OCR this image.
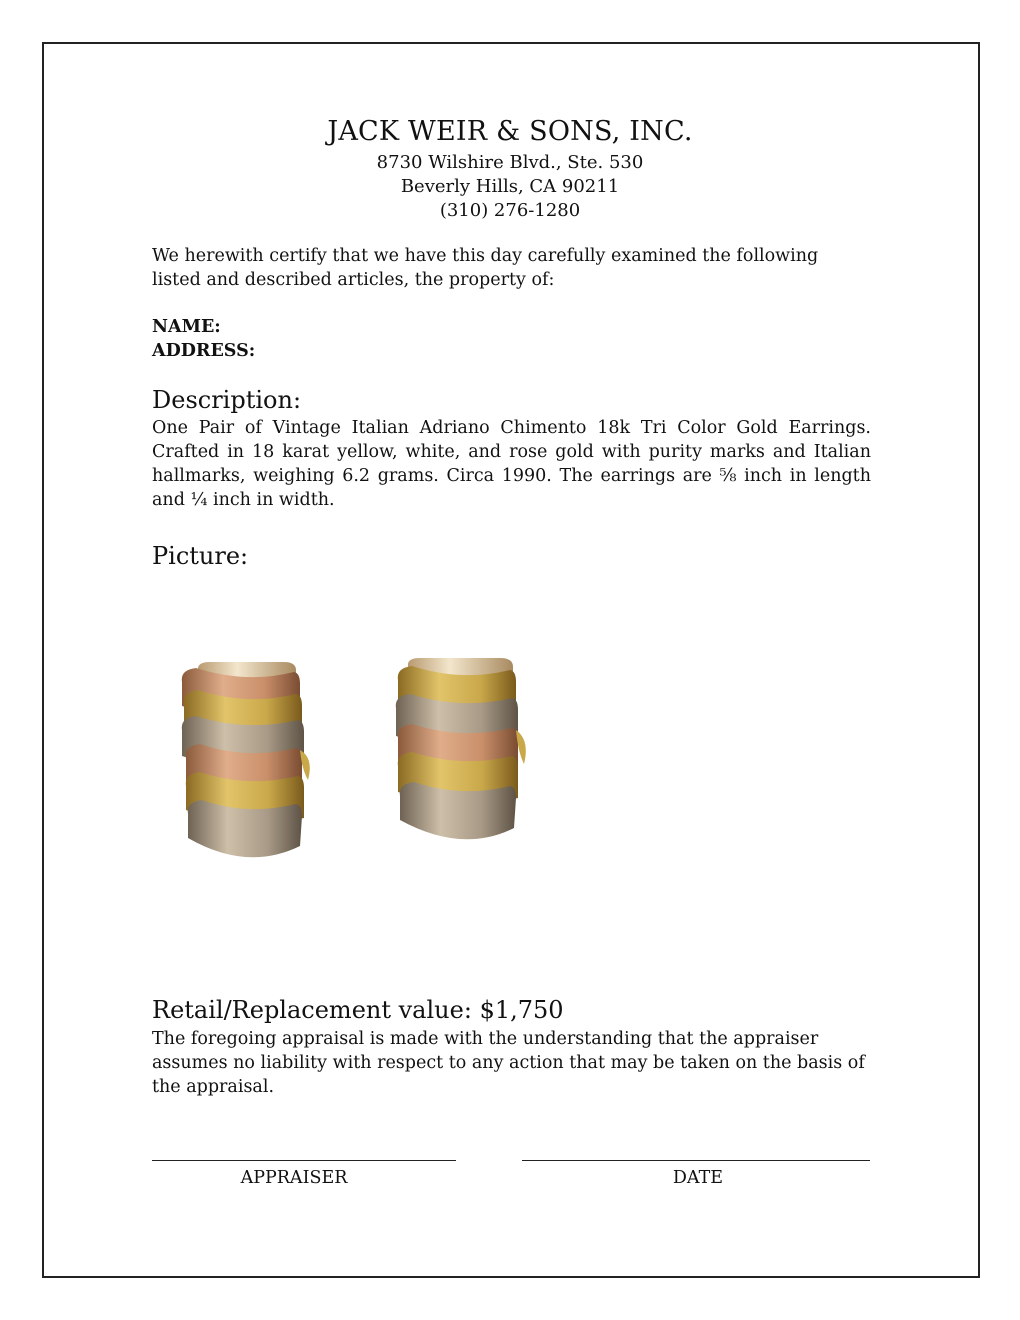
JACK WEIR & SONS, INC.
8730 Wilshire Blvd., Ste. 530
Beverly Hills, CA 90211
(310) 276-1280
We herewith certify that we have this day carefully examined the following listed and described articles, the property of:
NAME:
ADDRESS:
Description:
One Pair of Vintage Italian Adriano Chimento 18k Tri Color Gold Earrings. Crafted in 18 karat yellow, white, and rose gold with purity marks and Italian hallmarks, weighing 6.2 grams. Circa 1990. The earrings are ⅝ inch in length and ¼ inch in width.
Picture:
Retail/Replacement value: $1,750
The foregoing appraisal is made with the understanding that the appraiser assumes no liability with respect to any action that may be taken on the basis of the appraisal.
APPRAISER	DATE
